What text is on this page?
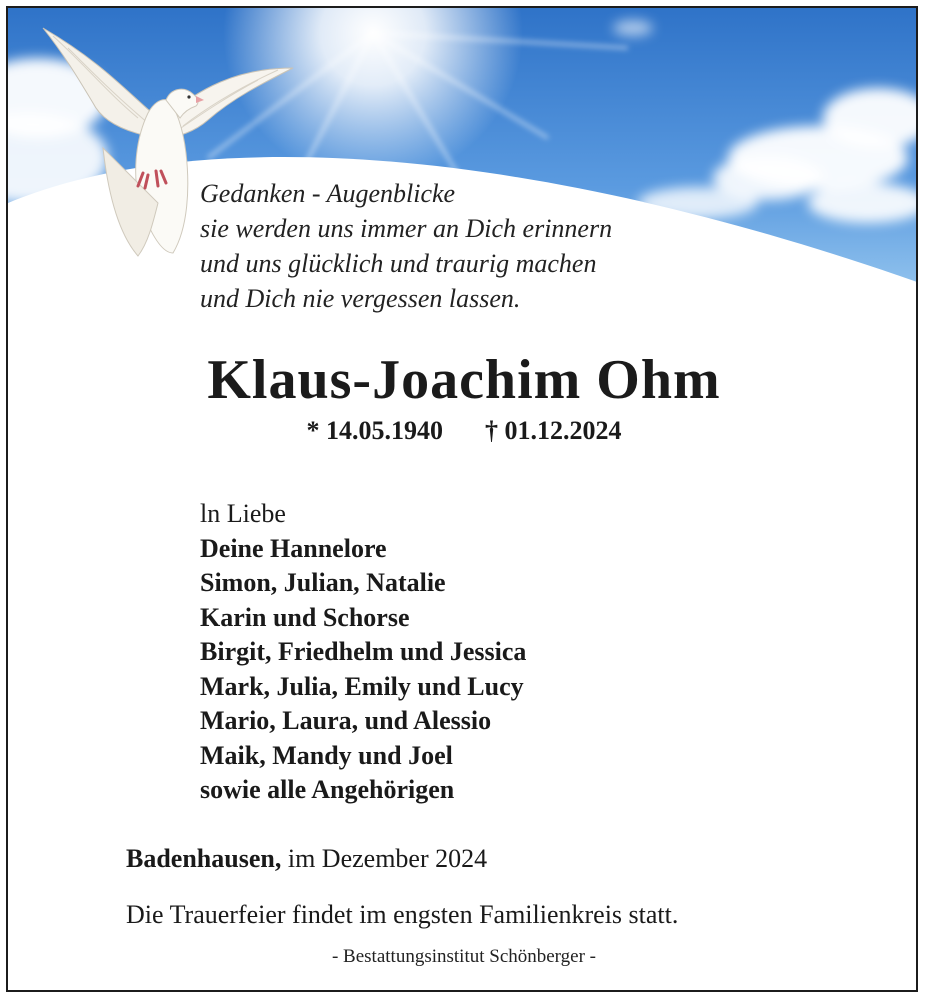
Gedanken - Augenblicke
sie werden uns immer an Dich erinnern
und uns glücklich und traurig machen
und Dich nie vergessen lassen.
Klaus-Joachim Ohm
* 14.05.1940 † 01.12.2024
ln Liebe
Deine Hannelore
Simon, Julian, Natalie
Karin und Schorse
Birgit, Friedhelm und Jessica
Mark, Julia, Emily und Lucy
Mario, Laura, und Alessio
Maik, Mandy und Joel
sowie alle Angehörigen
Badenhausen, im Dezember 2024
Die Trauerfeier findet im engsten Familienkreis statt.
- Bestattungsinstitut Schönberger -
